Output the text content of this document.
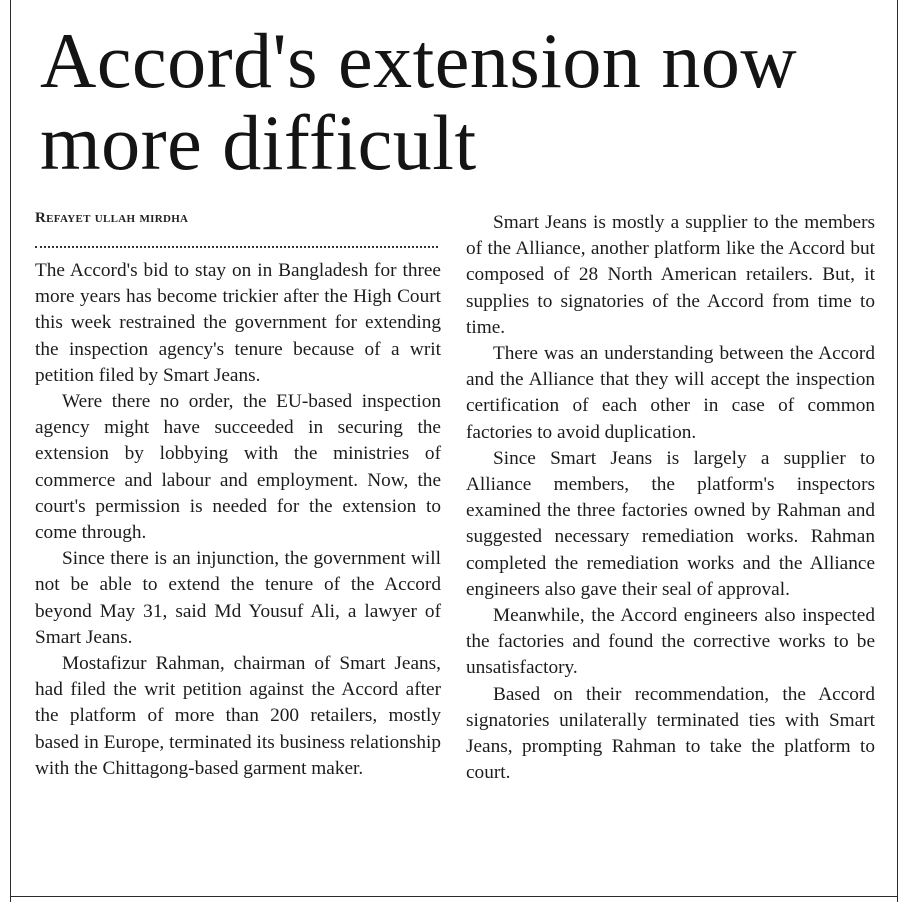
Accord's extension now more difficult
Refayet ullah mirdha

The Accord's bid to stay on in Bangladesh for three more years has become trickier after the High Court this week restrained the government for extending the inspection agency's tenure because of a writ petition filed by Smart Jeans.

Were there no order, the EU-based inspection agency might have succeeded in securing the extension by lobbying with the ministries of commerce and labour and employment. Now, the court's permission is needed for the extension to come through.

Since there is an injunction, the government will not be able to extend the tenure of the Accord beyond May 31, said Md Yousuf Ali, a lawyer of Smart Jeans.

Mostafizur Rahman, chairman of Smart Jeans, had filed the writ petition against the Accord after the platform of more than 200 retailers, mostly based in Europe, terminated its business relationship with the Chittagong-based garment maker.

Smart Jeans is mostly a supplier to the members of the Alliance, another platform like the Accord but composed of 28 North American retailers. But, it supplies to signatories of the Accord from time to time.

There was an understanding between the Accord and the Alliance that they will accept the inspection certification of each other in case of common factories to avoid duplication.

Since Smart Jeans is largely a supplier to Alliance members, the platform's inspectors examined the three factories owned by Rahman and suggested necessary remediation works. Rahman completed the remediation works and the Alliance engineers also gave their seal of approval.

Meanwhile, the Accord engineers also inspected the factories and found the corrective works to be unsatisfactory.

Based on their recommendation, the Accord signatories unilaterally terminated ties with Smart Jeans, prompting Rahman to take the platform to court.
